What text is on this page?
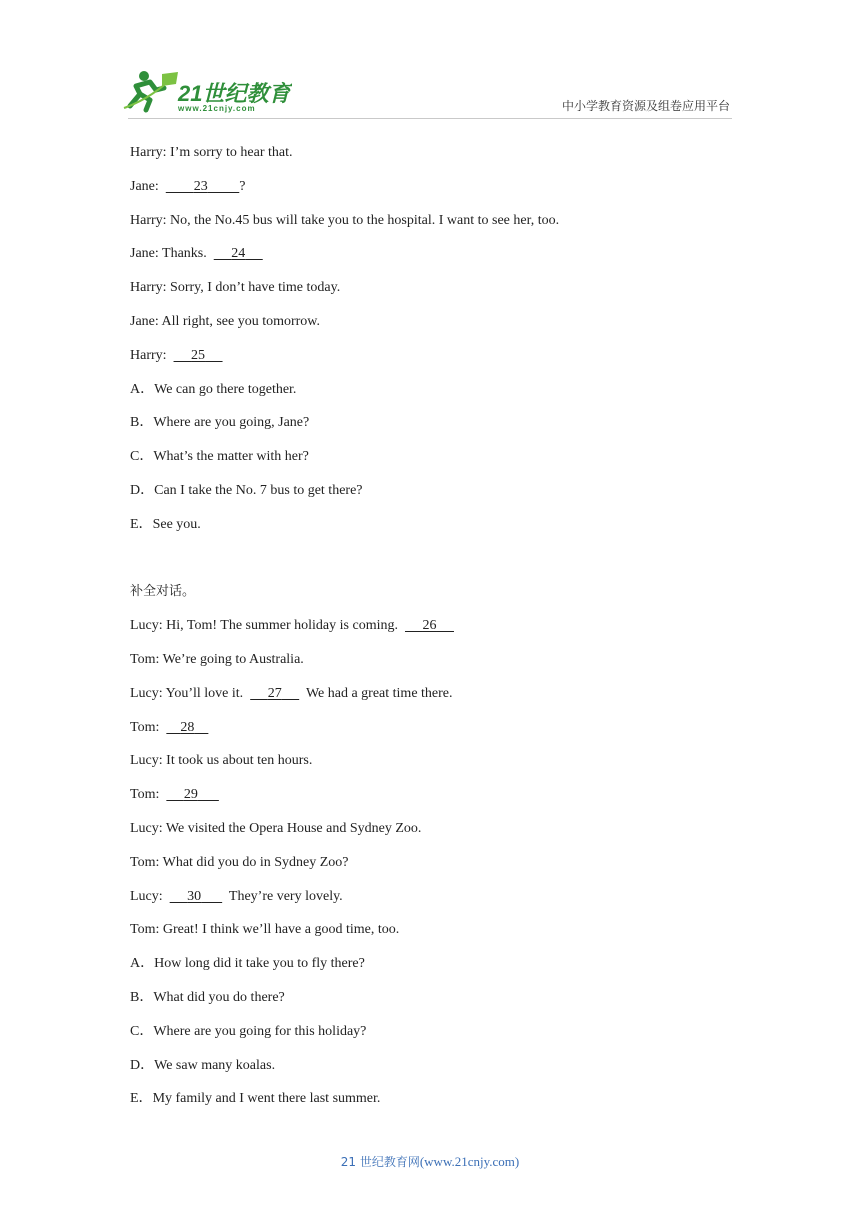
21世纪教育
www.21cnjy.com	中小学教育资源及组卷应用平台
Harry: I’m sorry to hear that.
Jane:	23 ?
Harry: No, the No.45 bus will take you to the hospital. I want to see her, too.
Jane: Thanks. 24
Harry: Sorry, I don’t have time today.
Jane: All right, see you tomorrow.
Harry: 25
A．We can go there together.
B．Where are you going, Jane?
C．What’s the matter with her?
D．Can I take the No. 7 bus to get there?
E．See you.
补全对话。
Lucy: Hi, Tom! The summer holiday is coming. 26
Tom: We’re going to Australia.
Lucy: You’ll love it. 27 We had a great time there.
Tom: 28
Lucy: It took us about ten hours.
Tom: 29
Lucy: We visited the Opera House and Sydney Zoo.
Tom: What did you do in Sydney Zoo?
Lucy: 30 They’re very lovely.
Tom: Great! I think we’ll have a good time, too.
A．How long did it take you to fly there?
B．What did you do there?
C．Where are you going for this holiday?
D．We saw many koalas.
E．My family and I went there last summer.
21 世纪教育网(www.21cnjy.com)
